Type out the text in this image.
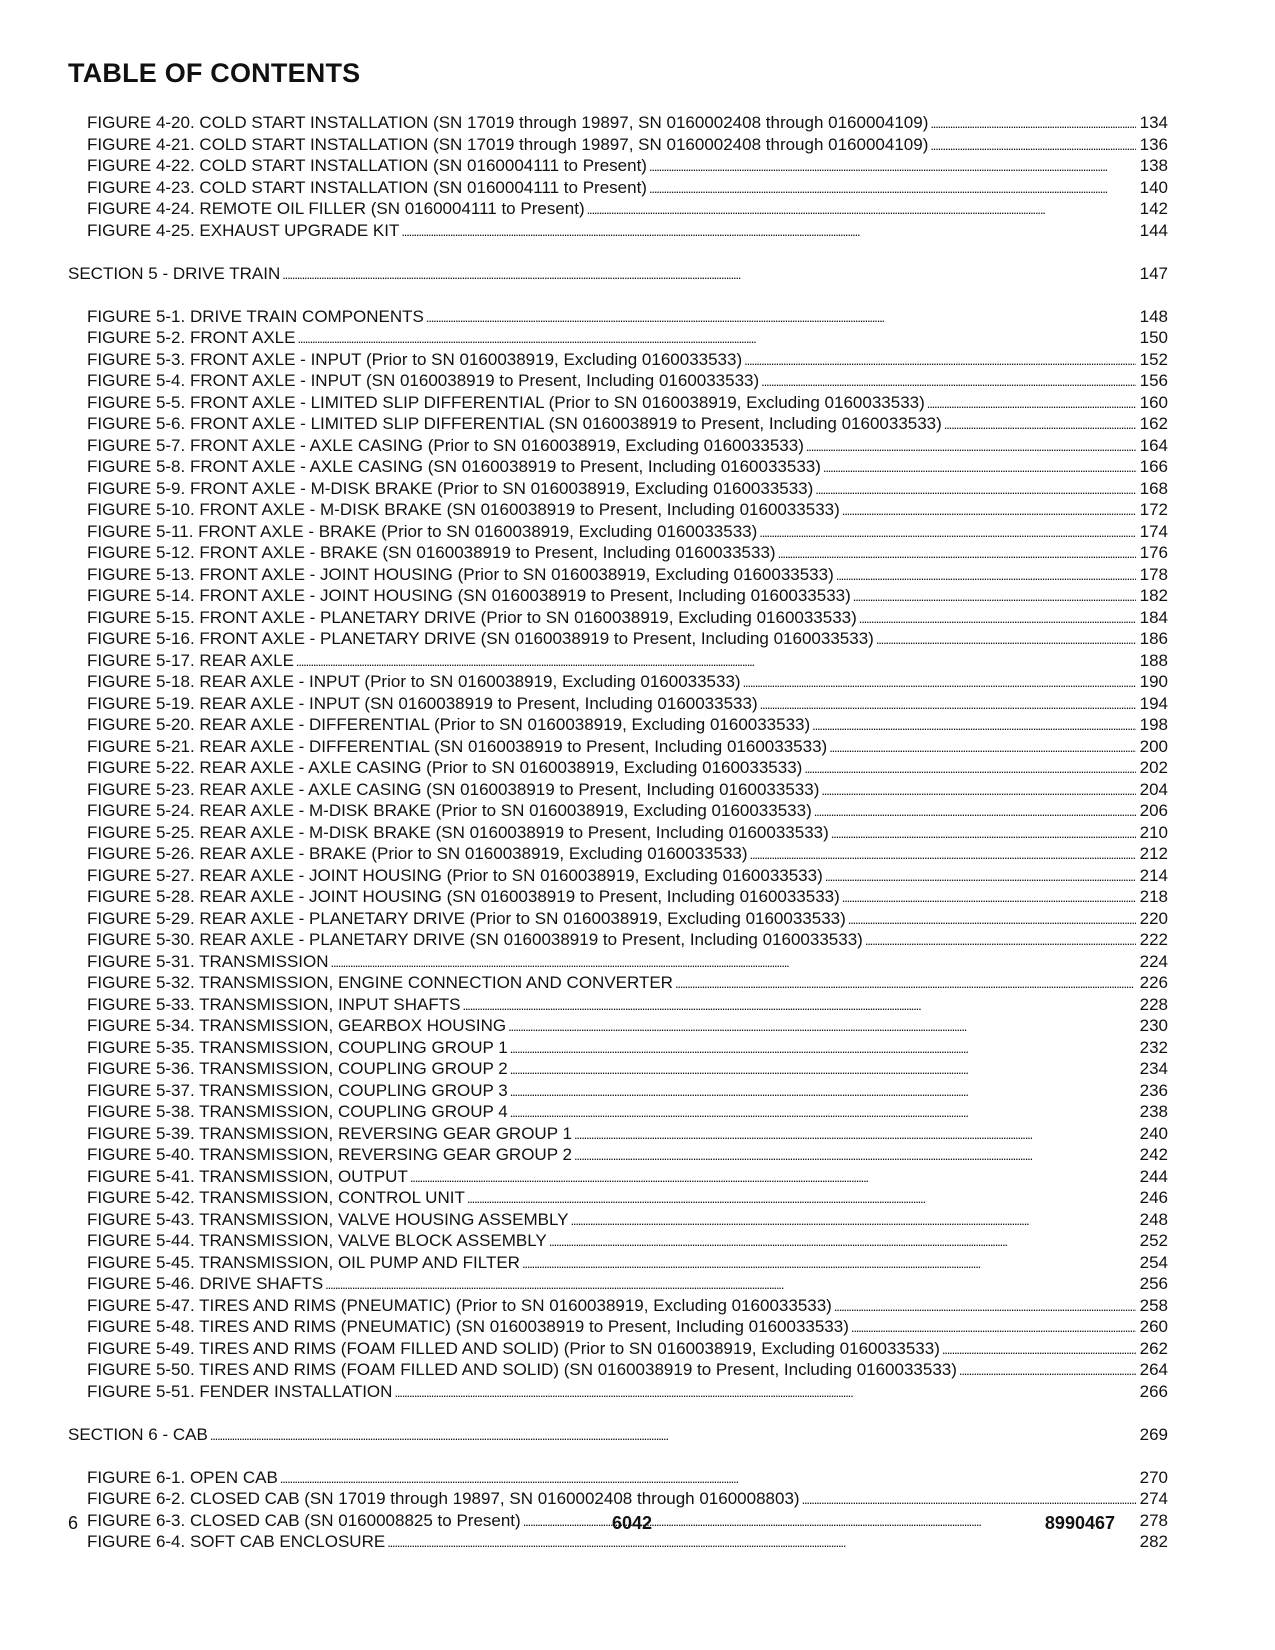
TABLE OF CONTENTS
FIGURE 4-20. COLD START INSTALLATION (SN 17019 through 19897, SN 0160002408 through 0160004109) . . .	134
FIGURE 4-21. COLD START INSTALLATION (SN 17019 through 19897, SN 0160002408 through 0160004109) . . .	136
FIGURE 4-22. COLD START INSTALLATION (SN 0160004111 to Present) . . .	138
FIGURE 4-23. COLD START INSTALLATION (SN 0160004111 to Present) . . .	140
FIGURE 4-24. REMOTE OIL FILLER (SN 0160004111 to Present) . . .	142
FIGURE 4-25. EXHAUST UPGRADE KIT . . .	144
SECTION 5 - DRIVE TRAIN . . .	147
FIGURE 5-1. DRIVE TRAIN COMPONENTS . . .	148
FIGURE 5-2. FRONT AXLE . . .	150
FIGURE 5-3. FRONT AXLE - INPUT (Prior to SN 0160038919, Excluding 0160033533) . . .	152
FIGURE 5-4. FRONT AXLE - INPUT (SN 0160038919 to Present, Including 0160033533) . . .	156
FIGURE 5-5. FRONT AXLE - LIMITED SLIP DIFFERENTIAL (Prior to SN 0160038919, Excluding 0160033533) . . .	160
FIGURE 5-6. FRONT AXLE - LIMITED SLIP DIFFERENTIAL (SN 0160038919 to Present, Including 0160033533) . . .	162
FIGURE 5-7. FRONT AXLE - AXLE CASING (Prior to SN 0160038919, Excluding 0160033533) . . .	164
FIGURE 5-8. FRONT AXLE - AXLE CASING (SN 0160038919 to Present, Including 0160033533) . . .	166
FIGURE 5-9. FRONT AXLE - M-DISK BRAKE (Prior to SN 0160038919, Excluding 0160033533) . . .	168
FIGURE 5-10. FRONT AXLE - M-DISK BRAKE (SN 0160038919 to Present, Including 0160033533) . . .	172
FIGURE 5-11. FRONT AXLE - BRAKE (Prior to SN 0160038919, Excluding 0160033533) . . .	174
FIGURE 5-12. FRONT AXLE - BRAKE (SN 0160038919 to Present, Including 0160033533) . . .	176
FIGURE 5-13. FRONT AXLE - JOINT HOUSING (Prior to SN 0160038919, Excluding 0160033533) . . .	178
FIGURE 5-14. FRONT AXLE - JOINT HOUSING (SN 0160038919 to Present, Including 0160033533) . . .	182
FIGURE 5-15. FRONT AXLE - PLANETARY DRIVE (Prior to SN 0160038919, Excluding 0160033533) . . .	184
FIGURE 5-16. FRONT AXLE - PLANETARY DRIVE (SN 0160038919 to Present, Including 0160033533) . . .	186
FIGURE 5-17. REAR AXLE . . .	188
FIGURE 5-18. REAR AXLE - INPUT (Prior to SN 0160038919, Excluding 0160033533) . . .	190
FIGURE 5-19. REAR AXLE - INPUT (SN 0160038919 to Present, Including 0160033533) . . .	194
FIGURE 5-20. REAR AXLE - DIFFERENTIAL (Prior to SN 0160038919, Excluding 0160033533) . . .	198
FIGURE 5-21. REAR AXLE - DIFFERENTIAL (SN 0160038919 to Present, Including 0160033533) . . .	200
FIGURE 5-22. REAR AXLE - AXLE CASING (Prior to SN 0160038919, Excluding 0160033533) . . .	202
FIGURE 5-23. REAR AXLE - AXLE CASING (SN 0160038919 to Present, Including 0160033533) . . .	204
FIGURE 5-24. REAR AXLE - M-DISK BRAKE (Prior to SN 0160038919, Excluding 0160033533) . . .	206
FIGURE 5-25. REAR AXLE - M-DISK BRAKE (SN 0160038919 to Present, Including 0160033533) . . .	210
FIGURE 5-26. REAR AXLE - BRAKE (Prior to SN 0160038919, Excluding 0160033533) . . .	212
FIGURE 5-27. REAR AXLE - JOINT HOUSING (Prior to SN 0160038919, Excluding 0160033533) . . .	214
FIGURE 5-28. REAR AXLE - JOINT HOUSING (SN 0160038919 to Present, Including 0160033533) . . .	218
FIGURE 5-29. REAR AXLE - PLANETARY DRIVE (Prior to SN 0160038919, Excluding 0160033533) . . .	220
FIGURE 5-30. REAR AXLE - PLANETARY DRIVE (SN 0160038919 to Present, Including 0160033533) . . .	222
FIGURE 5-31. TRANSMISSION . . .	224
FIGURE 5-32. TRANSMISSION, ENGINE CONNECTION AND CONVERTER . . .	226
FIGURE 5-33. TRANSMISSION, INPUT SHAFTS . . .	228
FIGURE 5-34. TRANSMISSION, GEARBOX HOUSING . . .	230
FIGURE 5-35. TRANSMISSION, COUPLING GROUP 1 . . .	232
FIGURE 5-36. TRANSMISSION, COUPLING GROUP 2 . . .	234
FIGURE 5-37. TRANSMISSION, COUPLING GROUP 3 . . .	236
FIGURE 5-38. TRANSMISSION, COUPLING GROUP 4 . . .	238
FIGURE 5-39. TRANSMISSION, REVERSING GEAR GROUP 1 . . .	240
FIGURE 5-40. TRANSMISSION, REVERSING GEAR GROUP 2 . . .	242
FIGURE 5-41. TRANSMISSION, OUTPUT . . .	244
FIGURE 5-42. TRANSMISSION, CONTROL UNIT . . .	246
FIGURE 5-43. TRANSMISSION, VALVE HOUSING ASSEMBLY . . .	248
FIGURE 5-44. TRANSMISSION, VALVE BLOCK ASSEMBLY . . .	252
FIGURE 5-45. TRANSMISSION, OIL PUMP AND FILTER . . .	254
FIGURE 5-46. DRIVE SHAFTS . . .	256
FIGURE 5-47. TIRES AND RIMS (PNEUMATIC) (Prior to SN 0160038919, Excluding 0160033533) . . .	258
FIGURE 5-48. TIRES AND RIMS (PNEUMATIC) (SN 0160038919 to Present, Including 0160033533) . . .	260
FIGURE 5-49. TIRES AND RIMS (FOAM FILLED AND SOLID) (Prior to SN 0160038919, Excluding 0160033533) . . .	262
FIGURE 5-50. TIRES AND RIMS (FOAM FILLED AND SOLID) (SN 0160038919 to Present, Including 0160033533) . . .	264
FIGURE 5-51. FENDER INSTALLATION . . .	266
SECTION 6 - CAB . . .	269
FIGURE 6-1. OPEN CAB . . .	270
FIGURE 6-2. CLOSED CAB (SN 17019 through 19897, SN 0160002408 through 0160008803) . . .	274
FIGURE 6-3. CLOSED CAB (SN 0160008825 to Present) . . .	278
FIGURE 6-4. SOFT CAB ENCLOSURE . . .	282
6	6042	8990467
